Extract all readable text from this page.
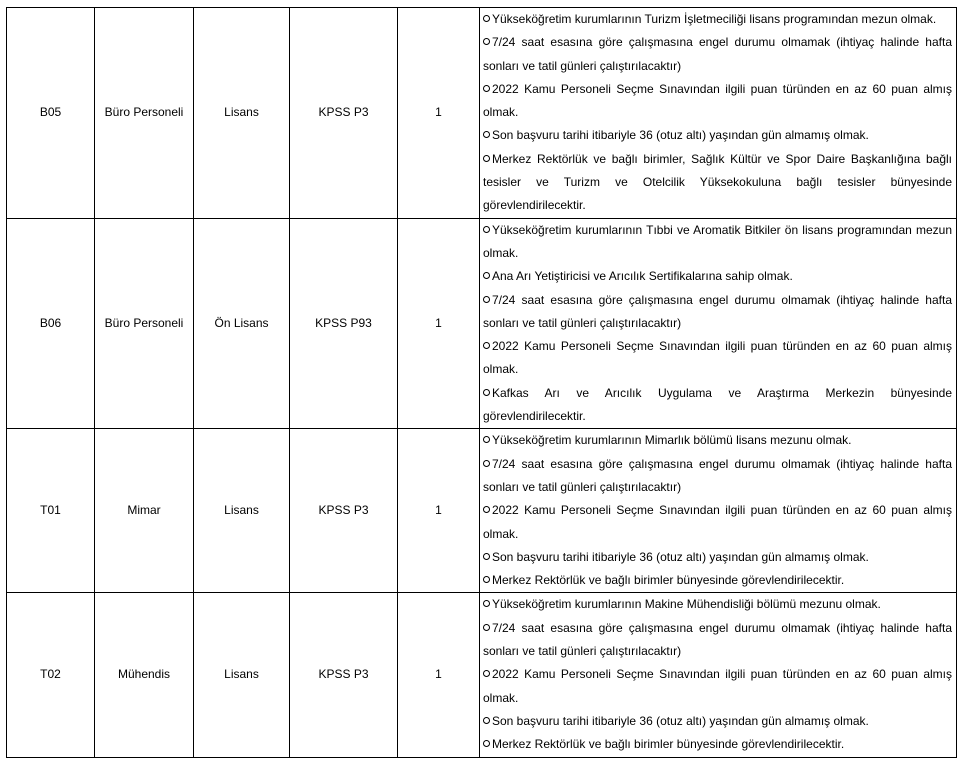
B05	Büro Personeli	Lisans	KPSS P3	1	Yükseköğretim kurumlarının Turizm İşletmeciliği lisans programından mezun olmak.
7/24 saat esasına göre çalışmasına engel durumu olmamak (ihtiyaç halinde hafta sonları ve tatil günleri çalıştırılacaktır)
2022 Kamu Personeli Seçme Sınavından ilgili puan türünden en az 60 puan almış olmak.
Son başvuru tarihi itibariyle 36 (otuz altı) yaşından gün almamış olmak.
Merkez Rektörlük ve bağlı birimler, Sağlık Kültür ve Spor Daire Başkanlığına bağlı tesisler ve Turizm ve Otelcilik Yüksekokuluna bağlı tesisler bünyesinde görevlendirilecektir.

B06	Büro Personeli	Ön Lisans	KPSS P93	1	Yükseköğretim kurumlarının Tıbbi ve Aromatik Bitkiler ön lisans programından mezun olmak.
Ana Arı Yetiştiricisi ve Arıcılık Sertifikalarına sahip olmak.
7/24 saat esasına göre çalışmasına engel durumu olmamak (ihtiyaç halinde hafta sonları ve tatil günleri çalıştırılacaktır)
2022 Kamu Personeli Seçme Sınavından ilgili puan türünden en az 60 puan almış olmak.
Kafkas Arı ve Arıcılık Uygulama ve Araştırma Merkezin bünyesinde görevlendirilecektir.

T01	Mimar	Lisans	KPSS P3	1	Yükseköğretim kurumlarının Mimarlık bölümü lisans mezunu olmak.
7/24 saat esasına göre çalışmasına engel durumu olmamak (ihtiyaç halinde hafta sonları ve tatil günleri çalıştırılacaktır)
2022 Kamu Personeli Seçme Sınavından ilgili puan türünden en az 60 puan almış olmak.
Son başvuru tarihi itibariyle 36 (otuz altı) yaşından gün almamış olmak.
Merkez Rektörlük ve bağlı birimler bünyesinde görevlendirilecektir.

T02	Mühendis	Lisans	KPSS P3	1	Yükseköğretim kurumlarının Makine Mühendisliği bölümü mezunu olmak.
7/24 saat esasına göre çalışmasına engel durumu olmamak (ihtiyaç halinde hafta sonları ve tatil günleri çalıştırılacaktır)
2022 Kamu Personeli Seçme Sınavından ilgili puan türünden en az 60 puan almış olmak.
Son başvuru tarihi itibariyle 36 (otuz altı) yaşından gün almamış olmak.
Merkez Rektörlük ve bağlı birimler bünyesinde görevlendirilecektir.
